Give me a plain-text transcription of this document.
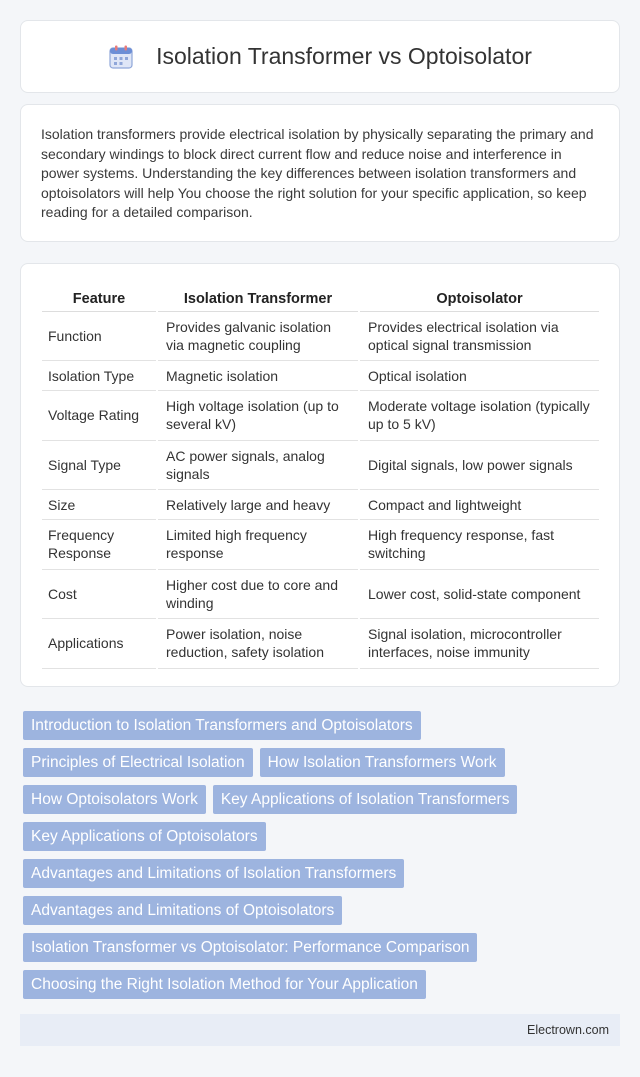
Isolation Transformer vs Optoisolator

Isolation transformers provide electrical isolation by physically separating the primary and secondary windings to block direct current flow and reduce noise and interference in power systems. Understanding the key differences between isolation transformers and optoisolators will help You choose the right solution for your specific application, so keep reading for a detailed comparison.

Feature	Isolation Transformer	Optoisolator
Function	Provides galvanic isolation via magnetic coupling	Provides electrical isolation via optical signal transmission
Isolation Type	Magnetic isolation	Optical isolation
Voltage Rating	High voltage isolation (up to several kV)	Moderate voltage isolation (typically up to 5 kV)
Signal Type	AC power signals, analog signals	Digital signals, low power signals
Size	Relatively large and heavy	Compact and lightweight
Frequency Response	Limited high frequency response	High frequency response, fast switching
Cost	Higher cost due to core and winding	Lower cost, solid-state component
Applications	Power isolation, noise reduction, safety isolation	Signal isolation, microcontroller interfaces, noise immunity
Introduction to Isolation Transformers and Optoisolators
Principles of Electrical Isolation	How Isolation Transformers Work
How Optoisolators Work	Key Applications of Isolation Transformers
Key Applications of Optoisolators
Advantages and Limitations of Isolation Transformers
Advantages and Limitations of Optoisolators
Isolation Transformer vs Optoisolator: Performance Comparison
Choosing the Right Isolation Method for Your Application
Electrown.com
